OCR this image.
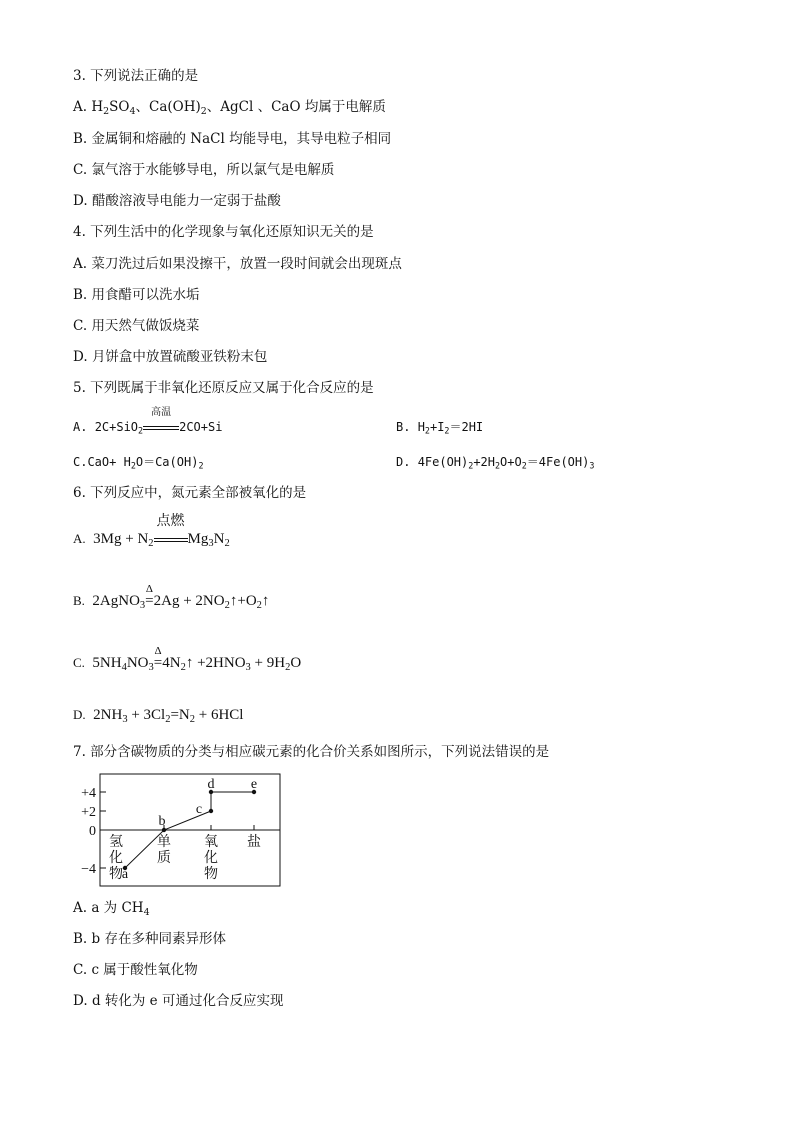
3. 下列说法正确的是
A. $H_2SO_4$、$Ca(OH)_2$、AgCl 、CaO 均属于电解质
B. 金属铜和熔融的 NaCl 均能导电，其导电粒子相同
C. 氯气溶于水能够导电，所以氯气是电解质
D. 醋酸溶液导电能力一定弱于盐酸
4. 下列生活中的化学现象与氧化还原知识无关的是
A. 菜刀洗过后如果没擦干，放置一段时间就会出现斑点
B. 用食醋可以洗水垢
C. 用天然气做饭烧菜
D. 月饼盒中放置硫酸亚铁粉末包
5. 下列既属于非氧化还原反应又属于化合反应的是
A. 2C+SiO$_2$
高温
2CO+Si	B. $H_2+I_2=2HI$
$C.CaO+ H_2O=Ca(OH)_2$	D. $4Fe(OH)_2+2H_2O+O_2=4Fe(OH)_3$
6. 下列反应中，氮元素全部被氧化的是
A. $3Mg + N_2$
点燃
$Mg_3N_2$
B. 2AgNO$_3$
Δ
$=2Ag + 2NO_2↑+O_2↑$
C. $5NH_4NO_3$
Δ
$=4N_2↑ +2HNO_3 + 9H_2O$
D. $2NH_3 + 3Cl_2=N_2 + 6HCl$
7. 部分含碳物质的分类与相应碳元素的化合价关系如图所示，下列说法错误的是
+4
+2
0
−4
氢
化
物
单
质
氧
化
物
盐
a
b
c
d	e
A. a 为 $CH_4$
B. b 存在多种同素异形体
C. c 属于酸性氧化物
D. d 转化为 e 可通过化合反应实现
